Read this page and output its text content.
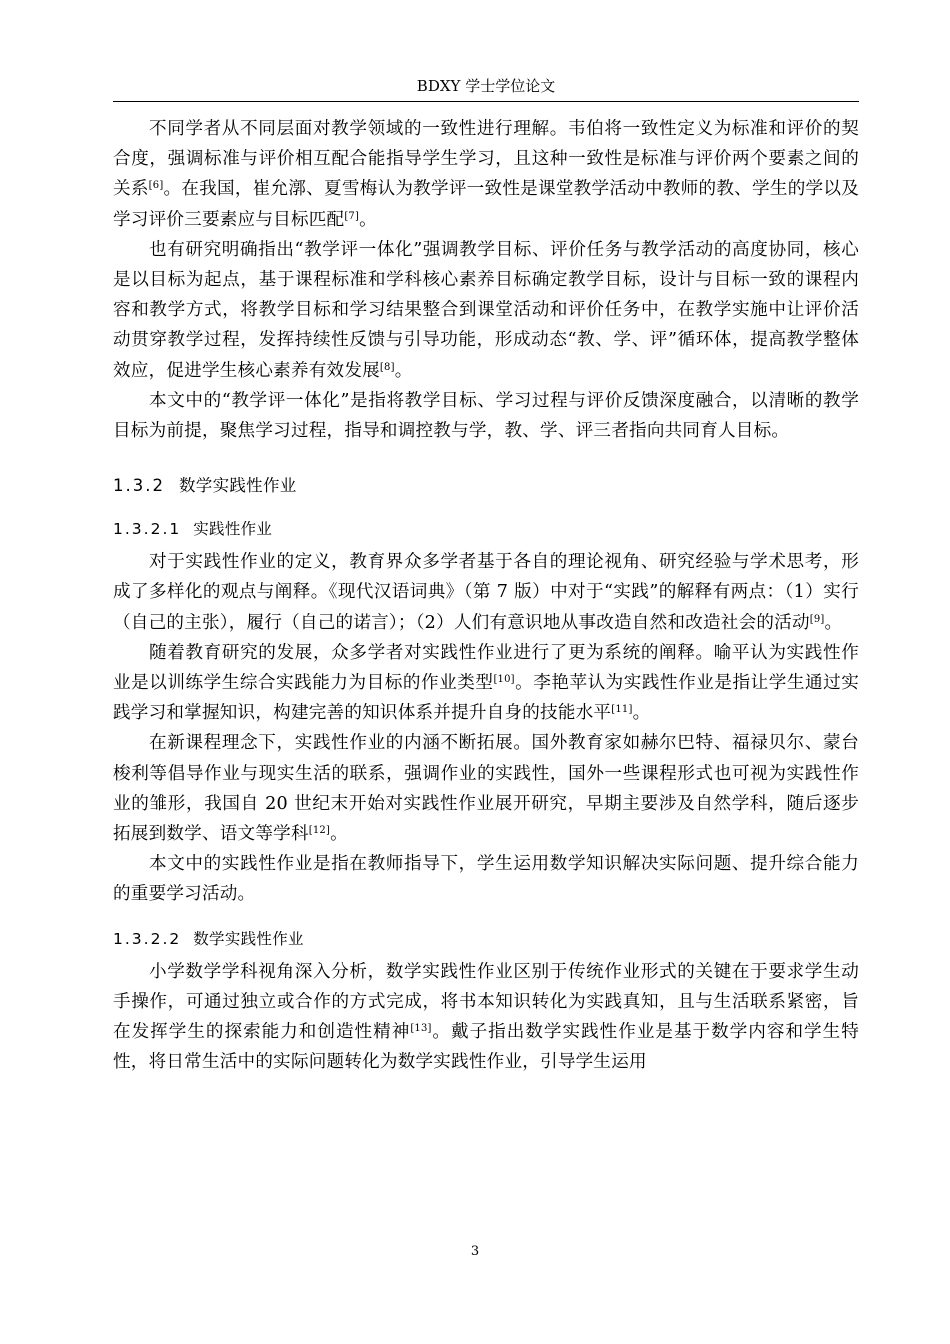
BDXY 学士学位论文

不同学者从不同层面对教学领域的一致性进行理解。韦伯将一致性定义为标准和评价的契合度，强调标准与评价相互配合能指导学生学习，且这种一致性是标准与评价两个要素之间的关系[6]。在我国，崔允漷、夏雪梅认为教学评一致性是课堂教学活动中教师的教、学生的学以及学习评价三要素应与目标匹配[7]。

也有研究明确指出“教学评一体化”强调教学目标、评价任务与教学活动的高度协同，核心是以目标为起点，基于课程标准和学科核心素养目标确定教学目标，设计与目标一致的课程内容和教学方式，将教学目标和学习结果整合到课堂活动和评价任务中，在教学实施中让评价活动贯穿教学过程，发挥持续性反馈与引导功能，形成动态“教、学、评”循环体，提高教学整体效应，促进学生核心素养有效发展[8]。

本文中的“教学评一体化”是指将教学目标、学习过程与评价反馈深度融合，以清晰的教学目标为前提，聚焦学习过程，指导和调控教与学，教、学、评三者指向共同育人目标。

1.3.2 数学实践性作业
1.3.2.1 实践性作业

对于实践性作业的定义，教育界众多学者基于各自的理论视角、研究经验与学术思考，形成了多样化的观点与阐释。《现代汉语词典》（第 7 版）中对于“实践”的解释有两点：（1）实行（自己的主张），履行（自己的诺言）；（2）人们有意识地从事改造自然和改造社会的活动[9]。

随着教育研究的发展，众多学者对实践性作业进行了更为系统的阐释。喻平认为实践性作业是以训练学生综合实践能力为目标的作业类型[10]。李艳苹认为实践性作业是指让学生通过实践学习和掌握知识，构建完善的知识体系并提升自身的技能水平[11]。

在新课程理念下，实践性作业的内涵不断拓展。国外教育家如赫尔巴特、福禄贝尔、蒙台梭利等倡导作业与现实生活的联系，强调作业的实践性，国外一些课程形式也可视为实践性作业的雏形，我国自 20 世纪末开始对实践性作业展开研究，早期主要涉及自然学科，随后逐步拓展到数学、语文等学科[12]。

本文中的实践性作业是指在教师指导下，学生运用数学知识解决实际问题、提升综合能力的重要学习活动。

1.3.2.2 数学实践性作业

小学数学学科视角深入分析，数学实践性作业区别于传统作业形式的关键在于要求学生动手操作，可通过独立或合作的方式完成，将书本知识转化为实践真知，且与生活联系紧密，旨在发挥学生的探索能力和创造性精神[13]。戴子指出数学实践性作业是基于数学内容和学生特性，将日常生活中的实际问题转化为数学实践性作业，引导学生运用

3
